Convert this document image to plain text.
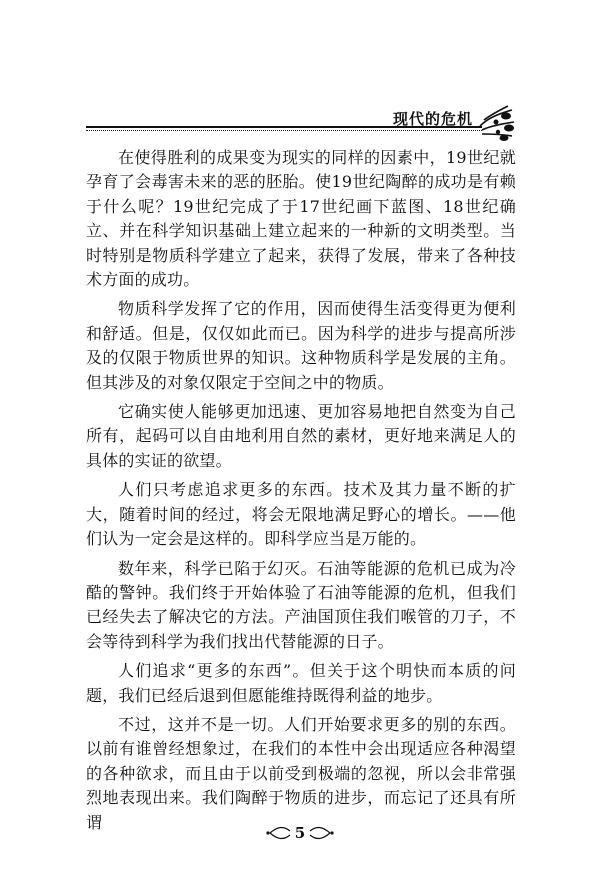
现代的危机

在使得胜利的成果变为现实的同样的因素中，19世纪就孕育了会毒害未来的恶的胚胎。使19世纪陶醉的成功是有赖于什么呢？19世纪完成了于17世纪画下蓝图、18世纪确立、并在科学知识基础上建立起来的一种新的文明类型。当时特别是物质科学建立了起来，获得了发展，带来了各种技术方面的成功。

物质科学发挥了它的作用，因而使得生活变得更为便利和舒适。但是，仅仅如此而已。因为科学的进步与提高所涉及的仅限于物质世界的知识。这种物质科学是发展的主角。但其涉及的对象仅限定于空间之中的物质。

它确实使人能够更加迅速、更加容易地把自然变为自己所有，起码可以自由地利用自然的素材，更好地来满足人的具体的实证的欲望。

人们只考虑追求更多的东西。技术及其力量不断的扩大，随着时间的经过，将会无限地满足野心的增长。——他们认为一定会是这样的。即科学应当是万能的。

数年来，科学已陷于幻灭。石油等能源的危机已成为冷酷的警钟。我们终于开始体验了石油等能源的危机，但我们已经失去了解决它的方法。产油国顶住我们喉管的刀子，不会等待到科学为我们找出代替能源的日子。

人们追求“更多的东西”。但关于这个明快而本质的问题，我们已经后退到但愿能维持既得利益的地步。

不过，这并不是一切。人们开始要求更多的别的东西。以前有谁曾经想象过，在我们的本性中会出现适应各种渴望的各种欲求，而且由于以前受到极端的忽视，所以会非常强烈地表现出来。我们陶醉于物质的进步，而忘记了还具有所谓

5
